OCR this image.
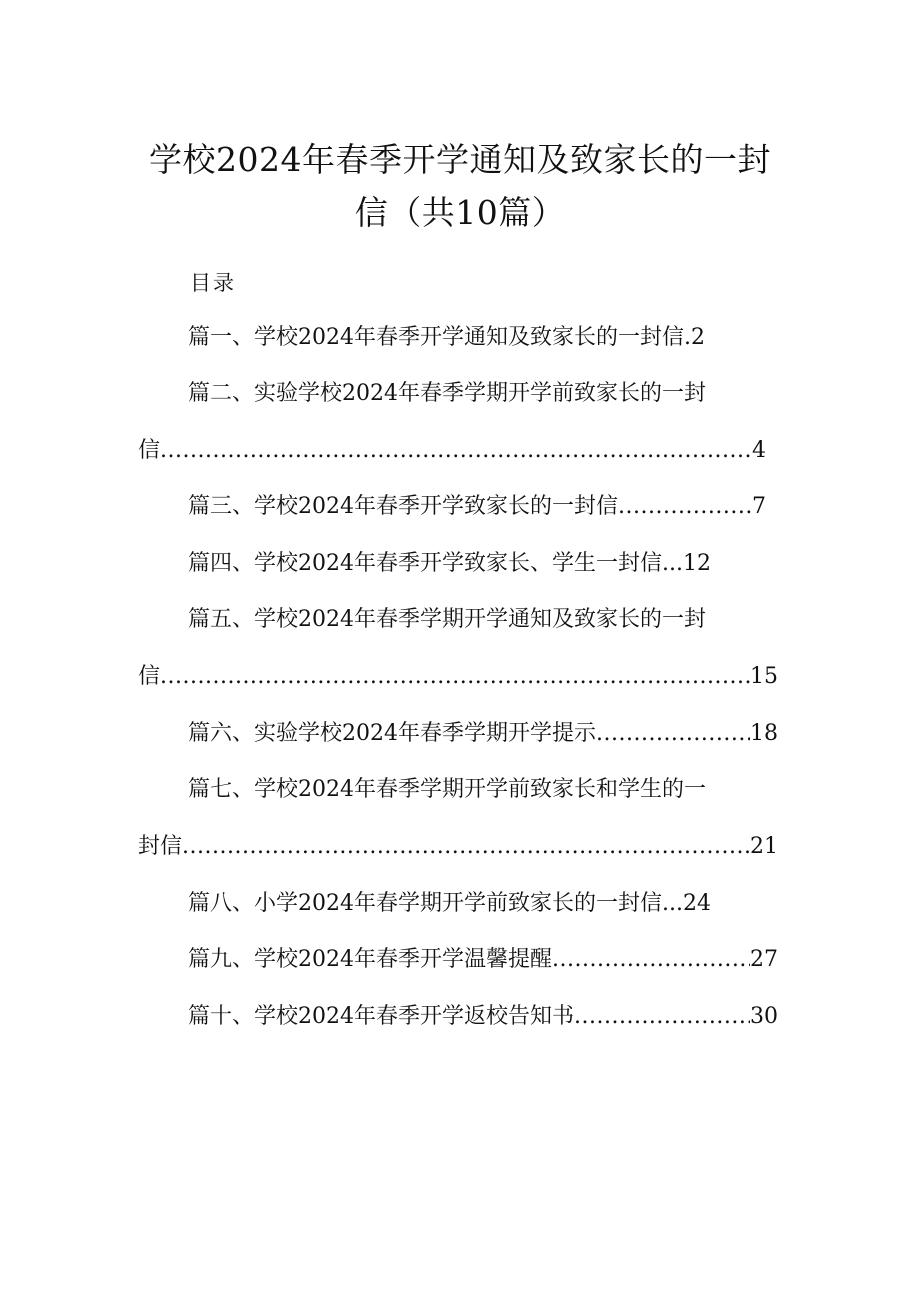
学校2024年春季开学通知及致家长的一封
信（共10篇）
目录
篇一、学校2024年春季开学通知及致家长的一封信. 2
篇二、实验学校2024年春季学期开学前致家长的一封
信 .....	4
篇三、学校2024年春季开学致家长的一封信 .....	7
篇四、学校2024年春季开学致家长、学生一封信... 12
篇五、学校2024年春季学期开学通知及致家长的一封
信 .....	15
篇六、实验学校2024年春季学期开学提示 .....	18
篇七、学校2024年春季学期开学前致家长和学生的一
封信 .....	21
篇八、小学2024年春学期开学前致家长的一封信... 24
篇九、学校2024年春季开学温馨提醒 .....	27
篇十、学校2024年春季开学返校告知书 .....	30
